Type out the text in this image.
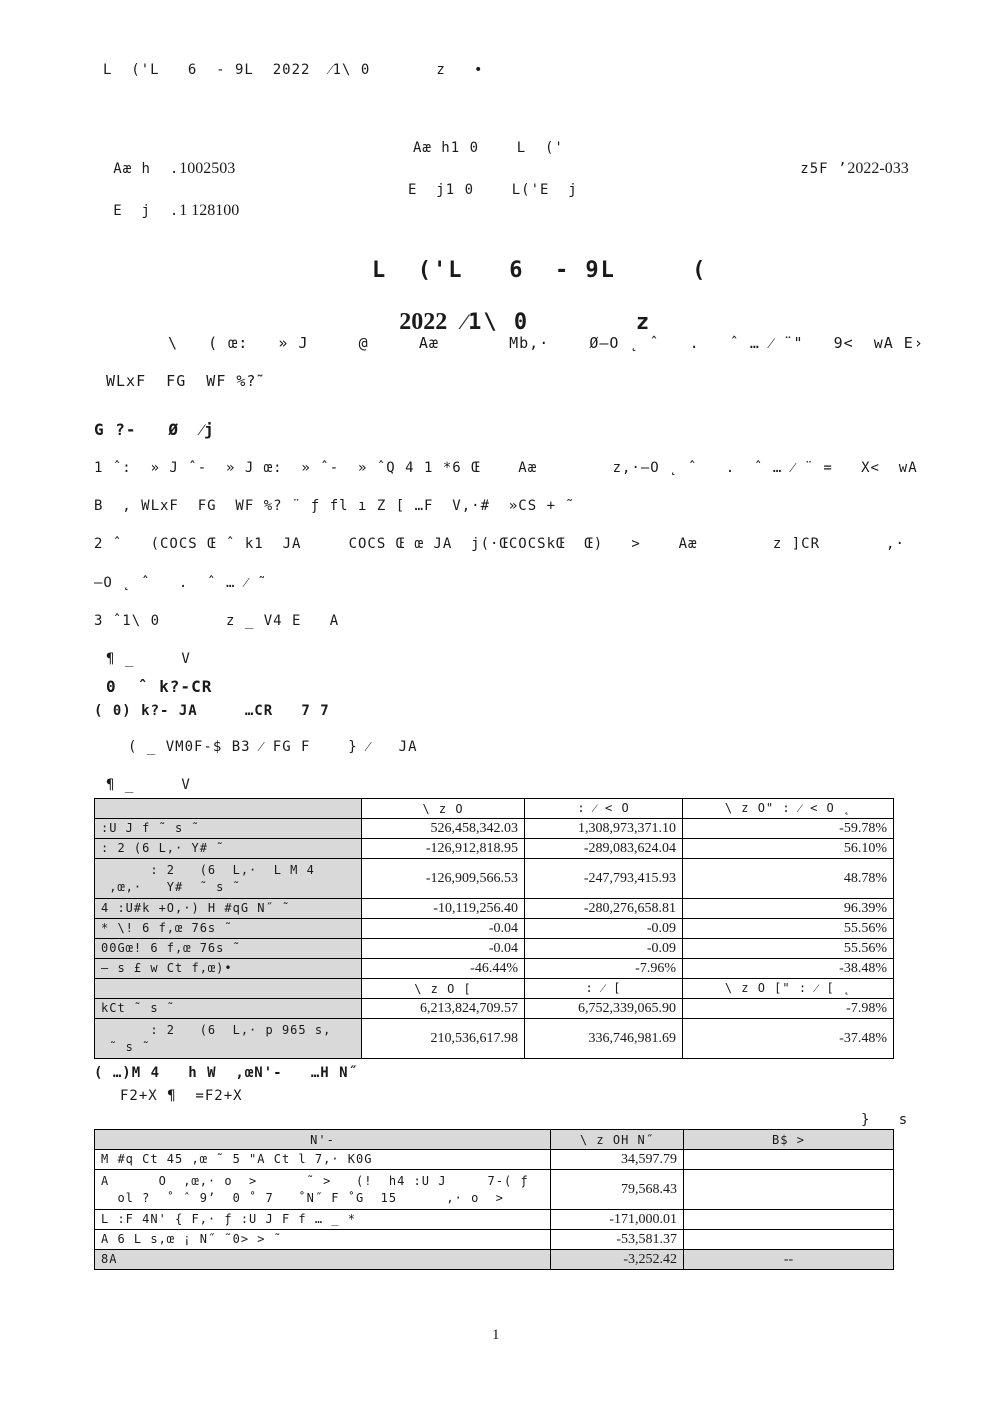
L  ('L   6  - 9L  2022  ⁄1\ 0       z   •

Aæ h  .1002503

Aæ h1 0    L  ('

z5F ’2022-033

E  j  .1 128100

E  j1 0    L('E  j
L  ('L   6  - 9L     (

2022 ⁄1\ 0       z

\   ( œ:   » J     @     Aæ       Mb,·    Ø–O ˛ ˆ   .   ˆ … ⁄ ¨"   9<  wA E›
WLxF  FG  WF %?̃
G ?-   Ø  ⁄j
1 ˆ:  » J ˆ-  » J œ:  » ˆ-  » ˆQ 4 1 *6 Œ    Aæ        z,·–O ˛ ˆ   .  ˆ … ⁄ ¨ =   X<  wA
B  , WLxF  FG  WF %? ¨ ƒ fl ı Z [ …F  V,·#  »CS + ˜
2 ˆ   (COCS Œ ˆ k1  JA     COCS Œ œ JA  j(·ŒCOCSkŒ  Œ)   >    Aæ        z ]CR       ,·
–O ˛ ˆ   .  ˆ … ⁄ ˜
3 ˆ1\ 0       z _ V4 E   A
¶ _     V
0  ˆ k?-CR
( 0) k?- JA     …CR   7 7
( _ VM0F-$ B3 ⁄ FG F    } ⁄   JA
¶ _     V
	\ z O	: ⁄ < O	\ z O" : ⁄ < O ˛
:U J f ˜ s ˜	526,458,342.03	1,308,973,371.10	-59.78%
: 2 (6 L,· Y# ˜	-126,912,818.95	-289,083,624.04	56.10%
: 2   (6  L,·  L M 4
,œ,·   Y#  ˜ s ˜	-126,909,566.53	-247,793,415.93	48.78%
4 :U#k +O,·) H #qG N˝ ˜	-10,119,256.40	-280,276,658.81	96.39%
* \! 6 f,œ 76s ˜	-0.04	-0.09	55.56%
00Gœ! 6 f,œ 76s ˜	-0.04	-0.09	55.56%
– s £ w Ct f,œ)•	-46.44%	-7.96%	-38.48%
	\ z O [	: ⁄ [	\ z O [" : ⁄ [ ˛
kCt ˜ s ˜	6,213,824,709.57	6,752,339,065.90	-7.98%
: 2   (6  L,· p 965 s,
˜ s ˜	210,536,617.98	336,746,981.69	-37.48%
( …)M 4   h W  ,œN'-   …H N˝
F2+X ¶  =F2+X
}   s
N'-	\ z OH N˝	B$ >
M #q Ct 45 ,œ ˜ 5 "A Ct l 7,· K0G	34,597.79	
A      O  ,œ,· o  >      ˜ >   (!  h4 :U J     7-( ƒ
ol ?  ˚ ˆ 9’  0 ˚ 7   ˚N˝ F ˚G  15      ,· o  >	79,568.43	
L :F 4N' { F,· ƒ :U J F f … _ *	-171,000.01	
A 6 L s,œ ¡ N˝ ˜0> > ˜	-53,581.37	
8A	-3,252.42	--
1
